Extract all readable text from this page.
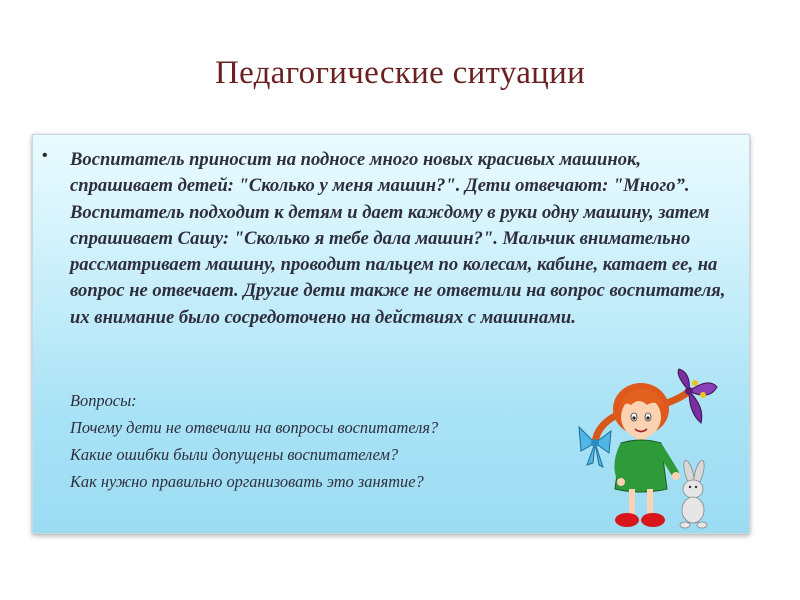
Педагогические ситуации
• Воспитатель приносит на подносе много новых красивых машинок, спрашивает детей: "Сколько у меня машин?". Дети отвечают: "Много”. Воспитатель подходит к детям и дает каждому в руки одну машину, затем спрашивает Сашу: "Сколько я тебе дала машин?". Мальчик внимательно рассматривает машину, проводит пальцем по колесам, кабине, катает ее, на вопрос не отвечает. Другие дети также не ответили на вопрос воспитателя, их внимание было сосредоточено на действиях с машинами.
Вопросы:
Почему дети не отвечали на вопросы воспитателя?
Какие ошибки были допущены воспитателем?
Как нужно правильно организовать это занятие?
